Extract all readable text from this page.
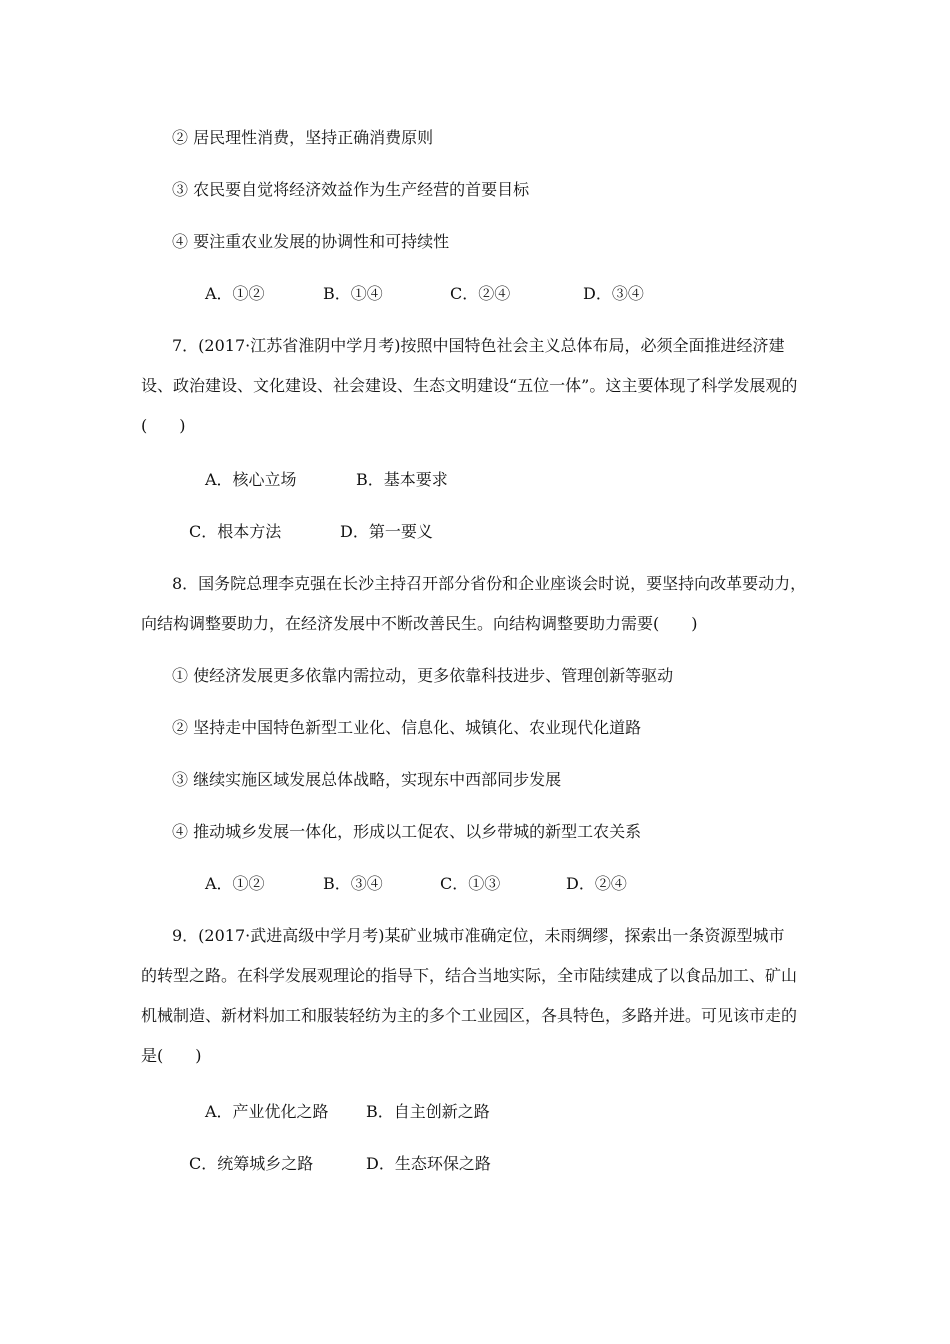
② 居民理性消费，坚持正确消费原则
③ 农民要自觉将经济效益作为生产经营的首要目标
④ 要注重农业发展的协调性和可持续性
A．①②	B．①④	C．②④	D．③④
7．(2017·江苏省淮阴中学月考)按照中国特色社会主义总体布局，必须全面推进经济建
设、政治建设、文化建设、社会建设、生态文明建设“五位一体”。这主要体现了科学发展观的
(　　)
A．核心立场	B．基本要求
C．根本方法	D．第一要义
8．国务院总理李克强在长沙主持召开部分省份和企业座谈会时说，要坚持向改革要动力，
向结构调整要助力，在经济发展中不断改善民生。向结构调整要助力需要(　　)
① 使经济发展更多依靠内需拉动，更多依靠科技进步、管理创新等驱动
② 坚持走中国特色新型工业化、信息化、城镇化、农业现代化道路
③ 继续实施区域发展总体战略，实现东中西部同步发展
④ 推动城乡发展一体化，形成以工促农、以乡带城的新型工农关系
A．①②	B．③④	C．①③	D．②④
9．(2017·武进高级中学月考)某矿业城市准确定位，未雨绸缪，探索出一条资源型城市
的转型之路。在科学发展观理论的指导下，结合当地实际，全市陆续建成了以食品加工、矿山
机械制造、新材料加工和服装轻纺为主的多个工业园区，各具特色，多路并进。可见该市走的
是(　　)
A．产业优化之路 B．自主创新之路
C．统筹城乡之路	D．生态环保之路
